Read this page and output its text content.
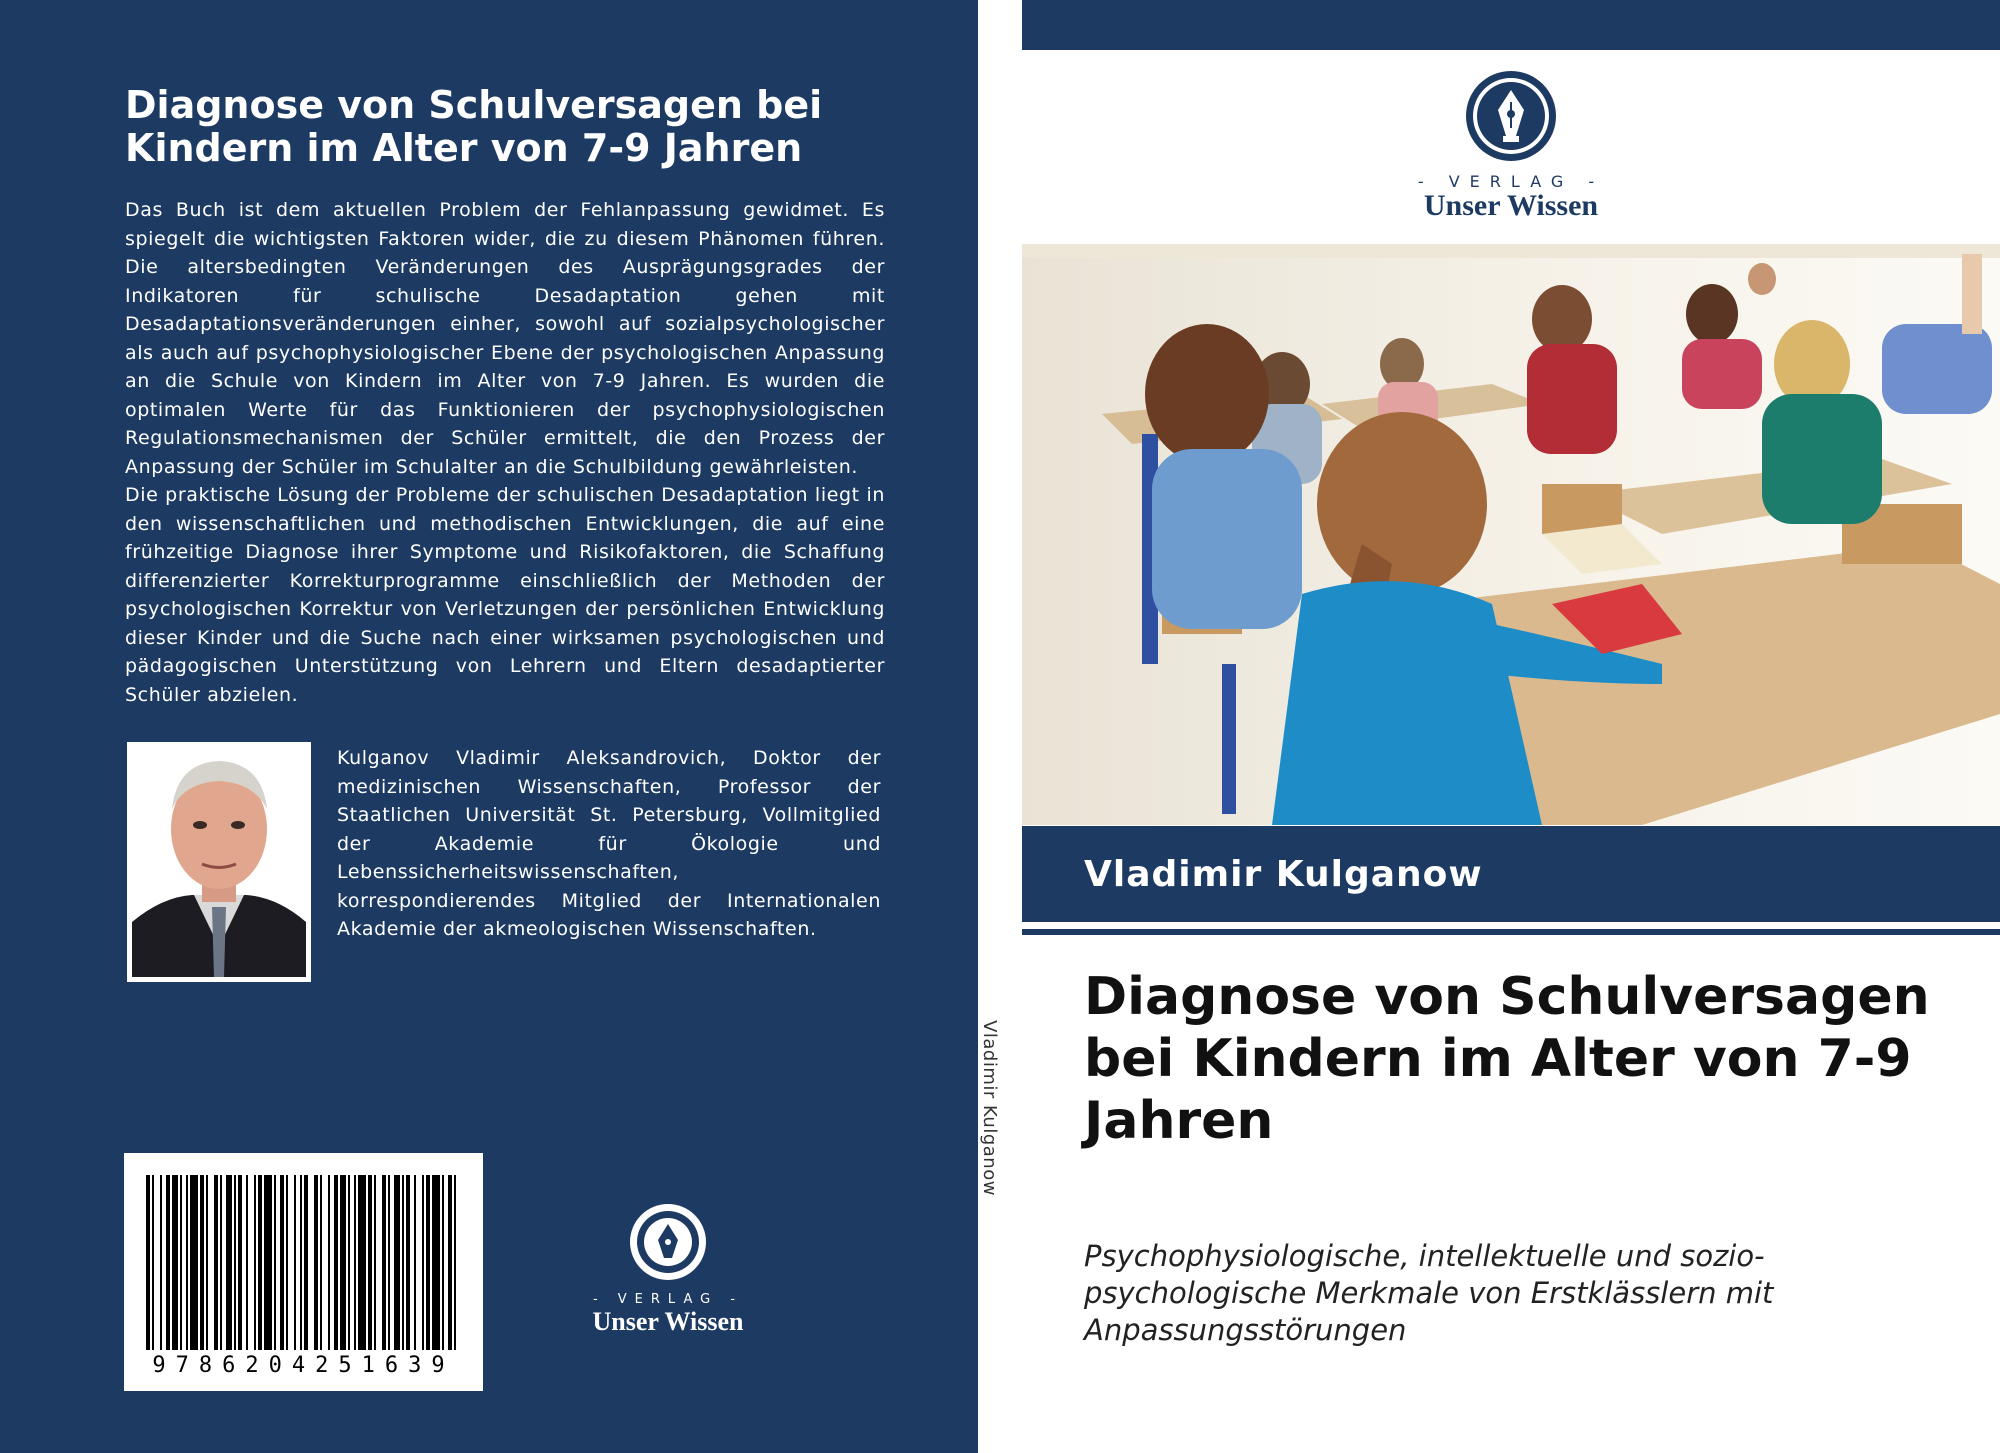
Diagnose von Schulversagen bei Kindern im Alter von 7-9 Jahren

Das Buch ist dem aktuellen Problem der Fehlanpassung gewidmet. Es spiegelt die wichtigsten Faktoren wider, die zu diesem Phänomen führen. Die altersbedingten Veränderungen des Ausprägungsgrades der Indikatoren für schulische Desadaptation gehen mit Desadaptationsveränderungen einher, sowohl auf sozialpsychologischer als auch auf psychophysiologischer Ebene der psychologischen Anpassung an die Schule von Kindern im Alter von 7-9 Jahren. Es wurden die optimalen Werte für das Funktionieren der psychophysiologischen Regulationsmechanismen der Schüler ermittelt, die den Prozess der Anpassung der Schüler im Schulalter an die Schulbildung gewährleisten.

Die praktische Lösung der Probleme der schulischen Desadaptation liegt in den wissenschaftlichen und methodischen Entwicklungen, die auf eine frühzeitige Diagnose ihrer Symptome und Risikofaktoren, die Schaffung differenzierter Korrekturprogramme einschließlich der Methoden der psychologischen Korrektur von Verletzungen der persönlichen Entwicklung dieser Kinder und die Suche nach einer wirksamen psychologischen und pädagogischen Unterstützung von Lehrern und Eltern desadaptierter Schüler abzielen.

Kulganov Vladimir Aleksandrovich, Doktor der medizinischen Wissenschaften, Professor der Staatlichen Universität St. Petersburg, Vollmitglied der Akademie für Ökologie und Lebenssicherheitswissenschaften, korrespondierendes Mitglied der Internationalen Akademie der akmeologischen Wissenschaften.
9786204251639
- VERLAG -
Unser Wissen
Vladimir Kulganow
- VERLAG -
Unser Wissen
Vladimir Kulganow
Diagnose von Schulversagen bei Kindern im Alter von 7-9 Jahren
Psychophysiologische, intellektuelle und sozio-psychologische Merkmale von Erstklässlern mit Anpassungsstörungen
